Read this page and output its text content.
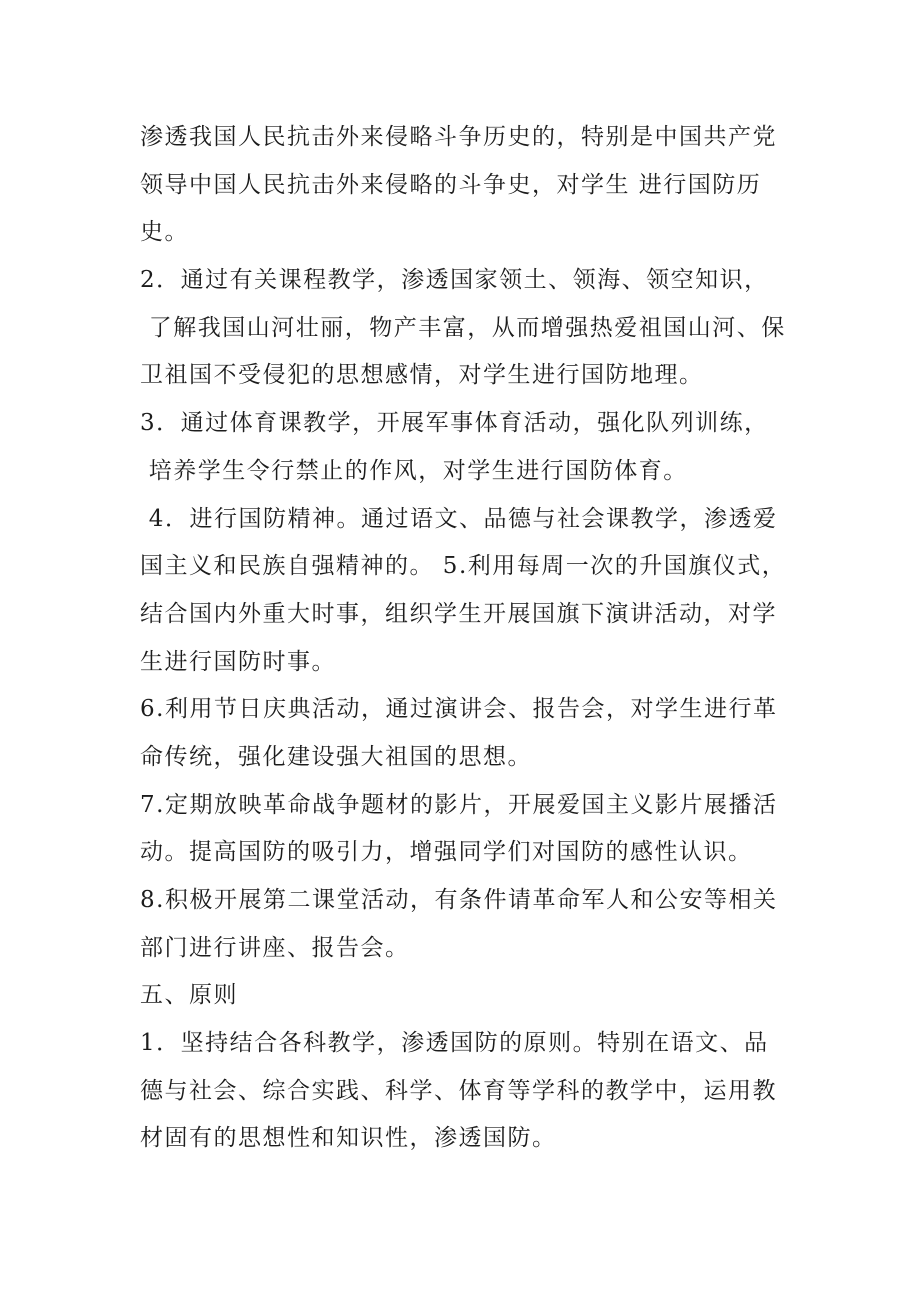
渗透我国人民抗击外来侵略斗争历史的，特别是中国共产党
领导中国人民抗击外来侵略的斗争史，对学生 进行国防历
史。
2．通过有关课程教学，渗透国家领土、领海、领空知识，
了解我国山河壮丽，物产丰富，从而增强热爱祖国山河、保
卫祖国不受侵犯的思想感情，对学生进行国防地理。
3．通过体育课教学，开展军事体育活动，强化队列训练，
培养学生令行禁止的作风，对学生进行国防体育。
4．进行国防精神。通过语文、品德与社会课教学，渗透爱
国主义和民族自强精神的。 5.利用每周一次的升国旗仪式，
结合国内外重大时事，组织学生开展国旗下演讲活动，对学
生进行国防时事。
6.利用节日庆典活动，通过演讲会、报告会，对学生进行革
命传统，强化建设强大祖国的思想。
7.定期放映革命战争题材的影片，开展爱国主义影片展播活
动。提高国防的吸引力，增强同学们对国防的感性认识。
8.积极开展第二课堂活动，有条件请革命军人和公安等相关
部门进行讲座、报告会。
五、原则
1．坚持结合各科教学，渗透国防的原则。特别在语文、品
德与社会、综合实践、科学、体育等学科的教学中，运用教
材固有的思想性和知识性，渗透国防。
